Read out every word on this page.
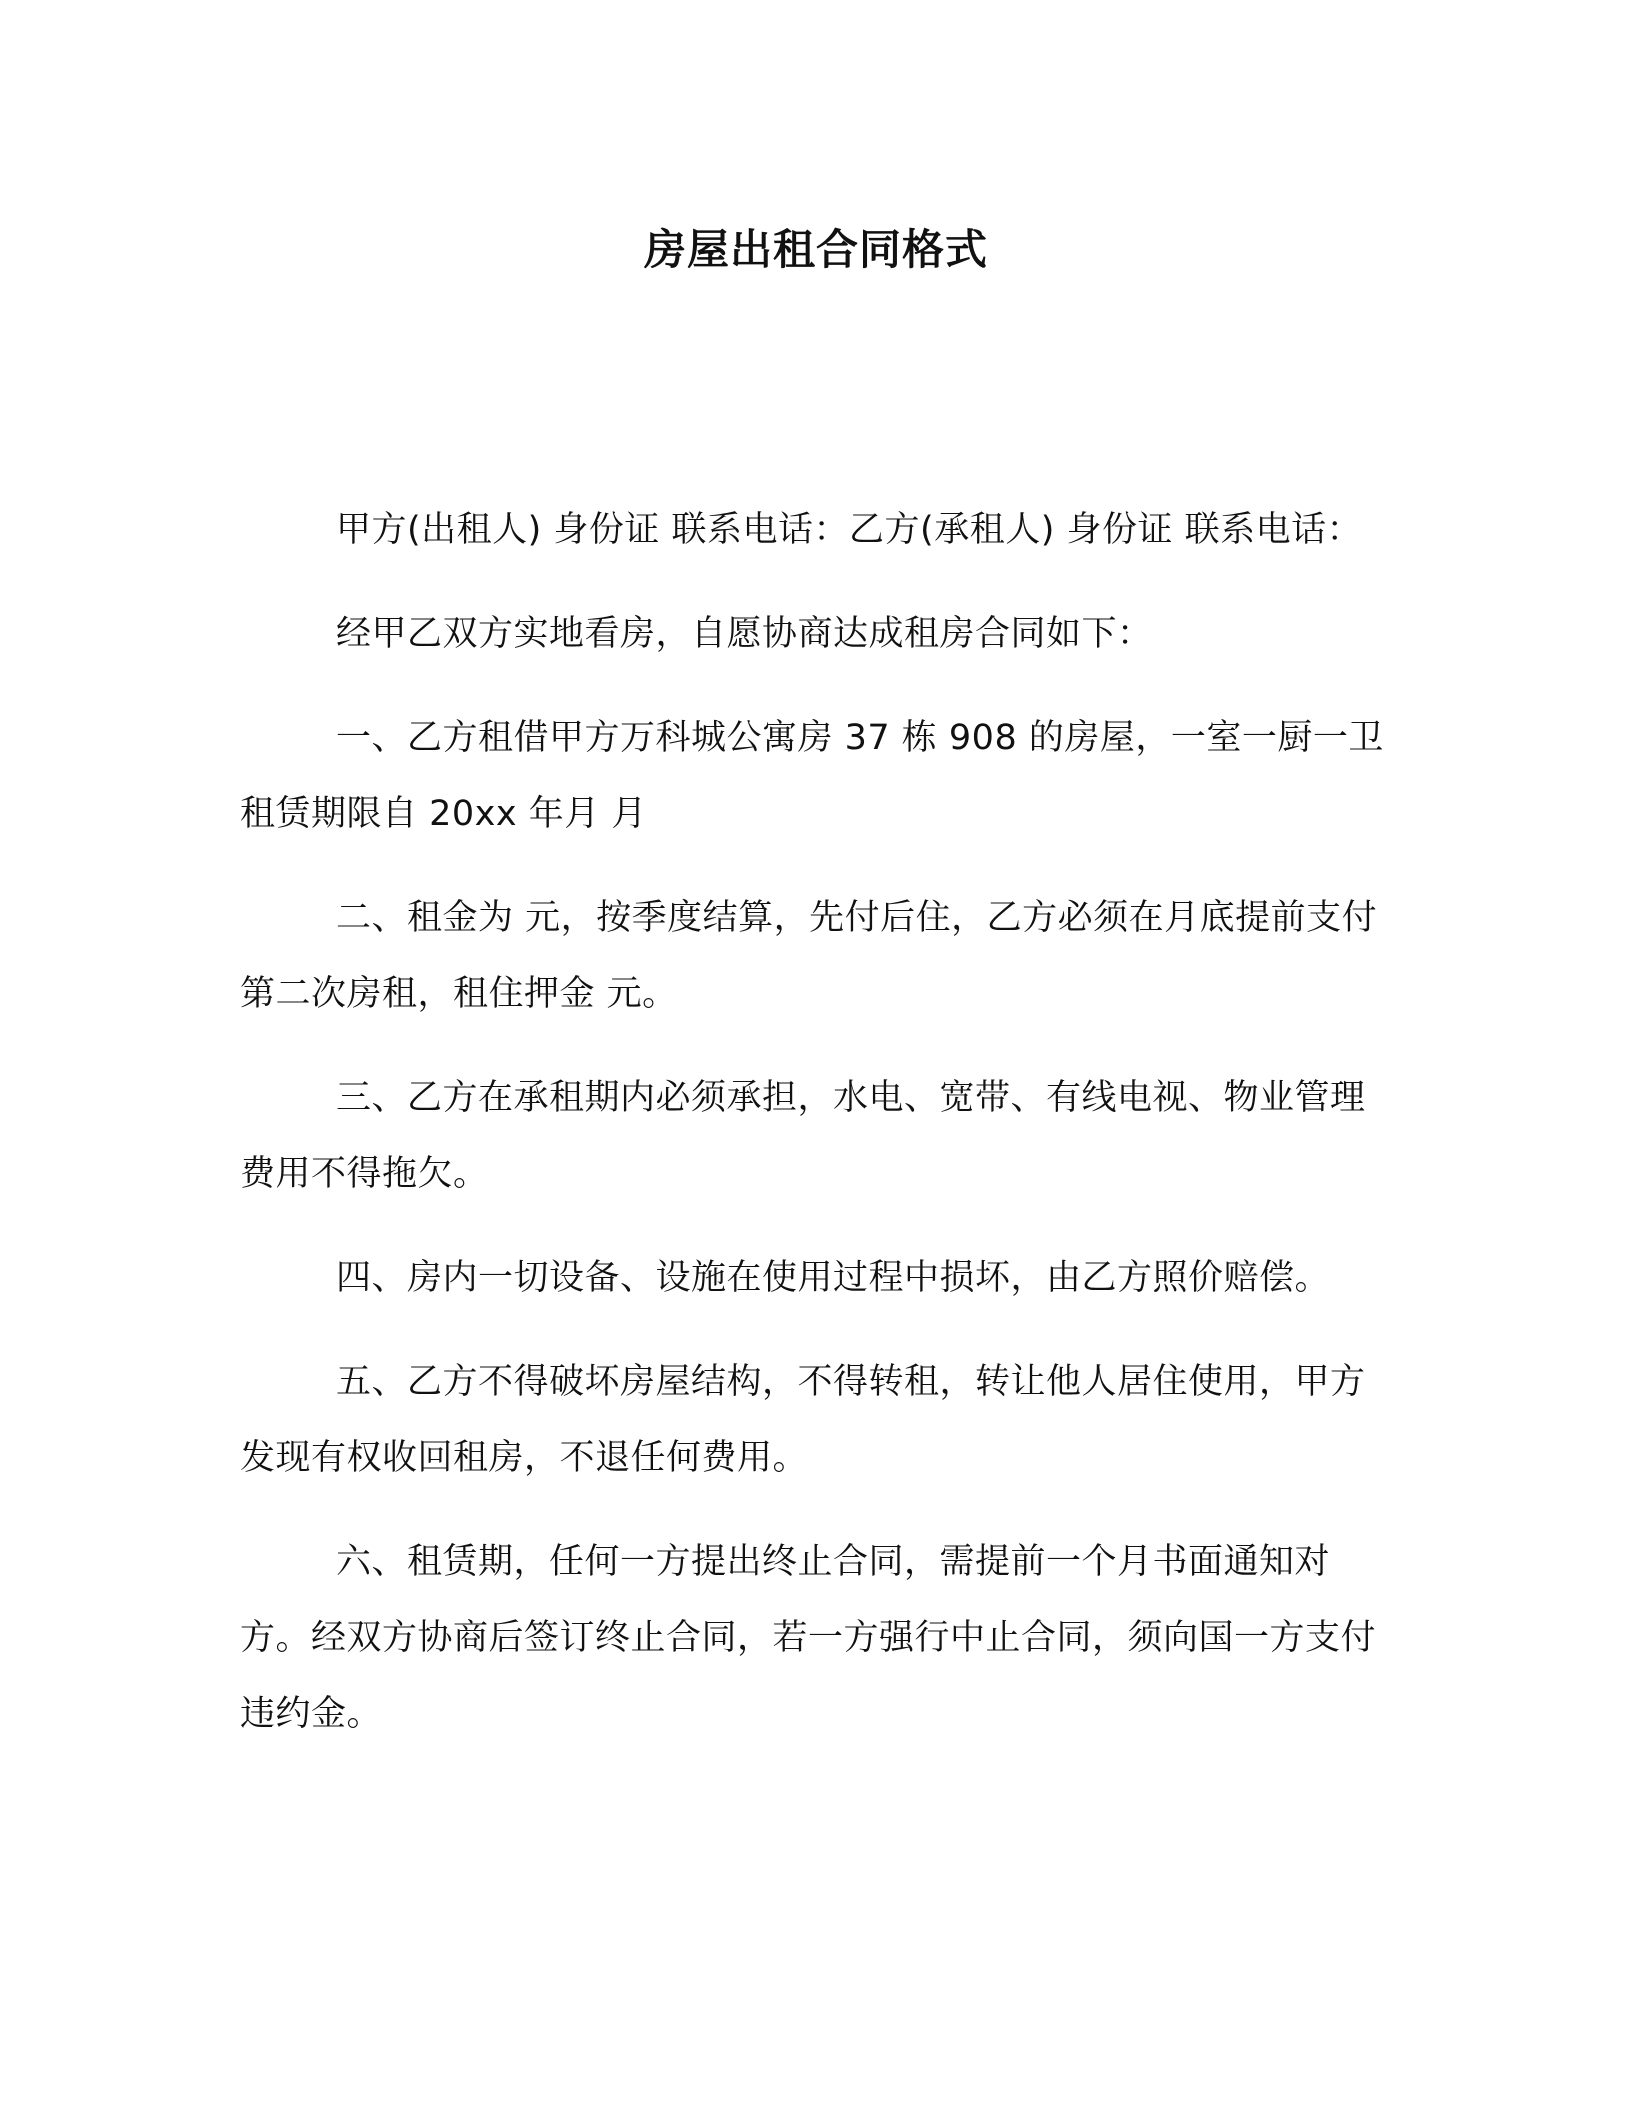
房屋出租合同格式

甲方(出租人) 身份证 联系电话：乙方(承租人) 身份证 联系电话：

经甲乙双方实地看房，自愿协商达成租房合同如下：

一、乙方租借甲方万科城公寓房 37 栋 908 的房屋，一室一厨一卫租赁期限自 20xx 年月 月

二、租金为 元，按季度结算，先付后住，乙方必须在月底提前支付第二次房租，租住押金 元。

三、乙方在承租期内必须承担，水电、宽带、有线电视、物业管理费用不得拖欠。

四、房内一切设备、设施在使用过程中损坏，由乙方照价赔偿。

五、乙方不得破坏房屋结构，不得转租，转让他人居住使用，甲方发现有权收回租房，不退任何费用。

六、租赁期，任何一方提出终止合同，需提前一个月书面通知对方。经双方协商后签订终止合同，若一方强行中止合同，须向国一方支付违约金。
